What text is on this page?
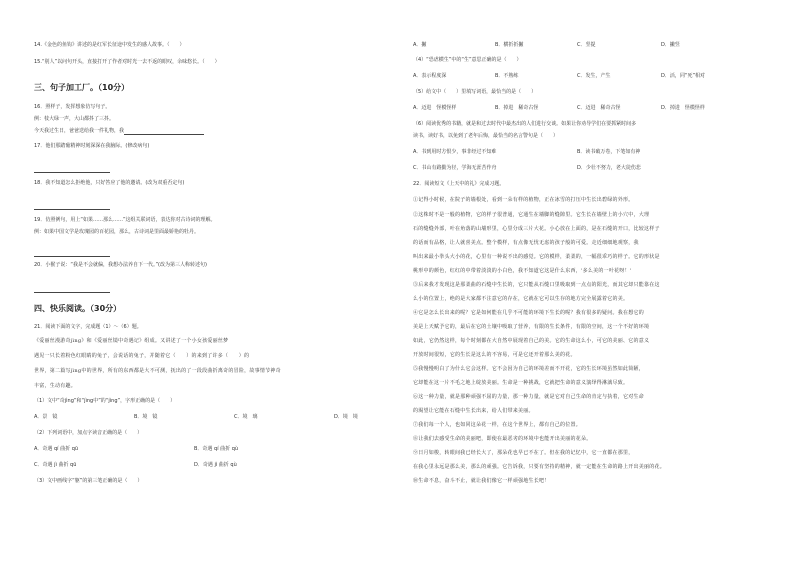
14.《金色的鱼钩》讲述的是红军长征途中发生的感人故事。（　　）
15.“别人”以问句开头，直接打开了作者对时光一去不返的眼叹，余味悠长。（　　）
三、句子加工厂。（10分）
16．照样子，发挥想象仿写句子。
例：枝大绿一声，大山都抖了三抖。
今天我过生日，爸爸送给我一件礼物，我
17．他们那踏葡精神时刻深深在我脑际。(修改病句)
18．我不知道怎么拒绝他，只好答应了他的邀请。(改为双重否定句)
19．仿照例句，用上“如果……那么……”这组关联词语，表达你对古诗词的理解。
例：如果中国文学是玫瑰园的百花园，那么，古诗词是里面最娇艳的牡丹。
20．小猴子说：“我是不会就偏，我想办法养自下一代。”(改为第三人称转述句)
四、快乐阅读。（30分）
21．阅读下面的文字，完成题（1）～（6）题。
《爱丽丝漫游奇jìng》和《爱丽丝镜中奇遇记》组成。又讲述了一个小女孩爱丽丝梦
遇见一只长着粉色红眼睛的兔子，会说话的兔子，并随着它（　　）的来到了许多（　　）的
世界，第二篇写jìng中的世界，所有的东西都是大不可测，抚出的了一段段曲折离奇的冒险，故事情节神奇
丰富，生动有趣。
（1）文中“奇jìng”和“jìng中”的“jìng”，字形正确的是（　　）
A．景　镜	B．境　镜	C．境　璃	D．境　境
（2）下列词语中，加点字读音正确的是（　　）
A．奇遇 qí 曲折 qū	B．奇遇 qí 曲折 qù
C．奇遇 jì 曲折 qū	D．奇遇 jì 曲折 qù
（3）文中画线字“躯”的第三笔正确的是（　　）
A．撇	B．横折折撇	C．竖提	D．撇竖
（4）“恐虐横生”中的“生”意思正确的是（　　）
A．表示程度深	B．不熟练	C．发生，产生	D．活，同“死”相对
（5）给文中（　　）里填写词语，最恰当的是（　　）
A．迈进　怪模怪样	B．掉进　稀奇古怪	C．迈进　稀奇古怪	D．掉进　怪模怪样
（6）阅读优秀的书籍，就是和过去时代中最杰出的人们进行交谈。如果让你劝导学们在要抓紧时间多
读书，读好书，以免到了老年后悔，最恰当的名言警句是（　　）
A．书到用时方恨少，事非经过不知难	B．读书破万卷，下笔如有神
C．书山有路勤为径，学海无涯苦作舟	D．少壮不努力，老大徒伤悲
22．阅读短文《上天中的礼》完成习题。
①记得小时候，在院子的墙根处，看到一朵有样的植物，正在冰雪的打压中生长出碧绿的外形。
②这株时不是一般的植物，它的样子很普通，它通生在墙脚的缝隙里。它生长在墙壁上的小穴中，大理
石的缝缝外部，叶在角落的山墙形里，心里分成三片大花。小心放在上面的，是在石缝的开口，比较这样子
的话而有品格，让人就喜美点。整个模样，有点像无忧无虑的孩子般的可爱。走近细细地观察，我
叫出来最小拳头大小的花，心里有一种说不出的感觉。它的模样，柔柔的，一幅很乖巧的样子。它的形状是
桃形中的颜色，红红的中带着淡淡的小白色，我不知道它这是什么东西，'多么美的一叶花呀！'
③后来我才发现这是那柔曲的石缝中生长的，它只能从石缝口里吸取到一点点的阳光，而其它却只能靠在这
么小的位置上，绝的是大家都不注意它的存在，它就在它可以生存的地方完全展露着它的美。
④它是怎么长出来的呢？它是如何能在几乎不可能的环境下生长的呢？我有很多的疑问。我在想它的
美是上天赋予它的，最后在它的土壤中吸取了营养，有限的生长条件，有限的空间，这一个不好的环境
如此，它仍然这样，每个时刻都在大自然中展现着自己的美。它的生命这么小，可它的美丽、它的意义
开放时间很短，它的生长是这么的不容易，可是它还开着那么美的花。
⑤我慢慢明白了为什么它会这样。它不会因为自己的环境差而不开花，它的生长环境虽然如此简陋，
它却能在这一片不毛之地上绽放美丽。生命是一种挑战，它就把生命的意义演绎得淋漓尽致。
⑥这一种力量，就是那种顽强不屈的力量，那一种力量，就是它对自己生命的肯定与执着，它对生命
的渴望让它能在石缝中生长出来，给人们带来美丽。
⑦我们每一个人，也如同这朵花一样，在这个世界上，都有自己的位置。
⑧让我们去感受生命的美丽吧，即使在最恶劣的环境中也能开出美丽的花朵。
⑨日月如梭，转眼间我已经长大了，那朵花也早已不在了。但在我的记忆中，它一直都在那里，
在我心里永远是那么美，那么的顽强。它告诉我，只要有坚持的精神，就一定能在生命的路上开出美丽的花。
⑩生命不息，奋斗不止，就让我们像它一样顽强地生长吧！
